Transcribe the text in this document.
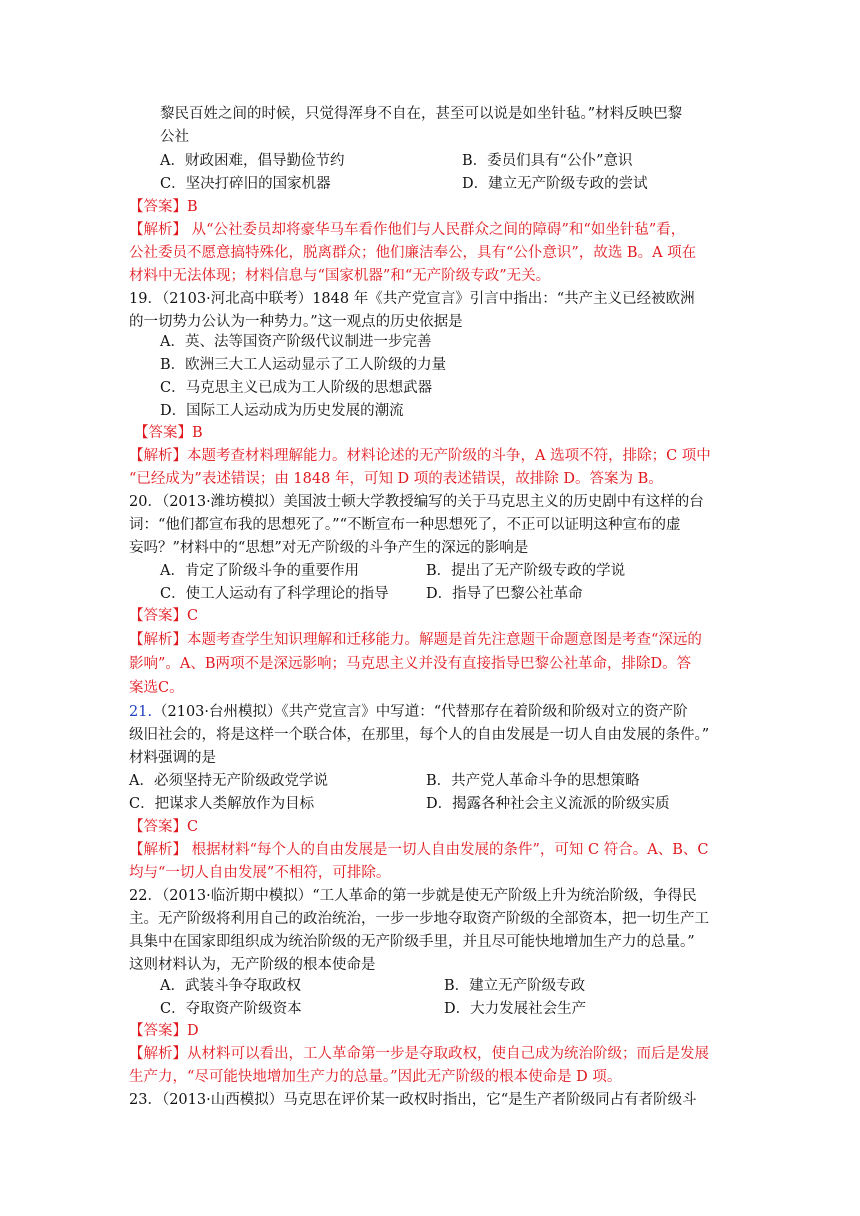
黎民百姓之间的时候，只觉得浑身不自在，甚至可以说是如坐针毡。”材料反映巴黎
公社
A．财政困难，倡导勤俭节约	B．委员们具有“公仆”意识
C．坚决打碎旧的国家机器	D．建立无产阶级专政的尝试
【答案】B
【解析】 从“公社委员却将豪华马车看作他们与人民群众之间的障碍”和“如坐针毡”看，
公社委员不愿意搞特殊化，脱离群众；他们廉洁奉公，具有“公仆意识”，故选 B。A 项在
材料中无法体现；材料信息与“国家机器”和“无产阶级专政”无关。
19．（2103·河北高中联考）1848 年《共产党宣言》引言中指出：“共产主义已经被欧洲
的一切势力公认为一种势力。”这一观点的历史依据是
A．英、法等国资产阶级代议制进一步完善
B．欧洲三大工人运动显示了工人阶级的力量
C．马克思主义已成为工人阶级的思想武器
D．国际工人运动成为历史发展的潮流
【答案】B
【解析】本题考查材料理解能力。材料论述的无产阶级的斗争，A 选项不符，排除；C 项中
“已经成为”表述错误；由 1848 年，可知 D 项的表述错误，故排除 D。答案为 B。
20．（2013·潍坊模拟）美国波士顿大学教授编写的关于马克思主义的历史剧中有这样的台
词：“他们都宣布我的思想死了。”“不断宣布一种思想死了，不正可以证明这种宣布的虚
妄吗？”材料中的“思想”对无产阶级的斗争产生的深远的影响是
A．肯定了阶级斗争的重要作用	B．提出了无产阶级专政的学说
C．使工人运动有了科学理论的指导	D．指导了巴黎公社革命
【答案】C
【解析】本题考查学生知识理解和迁移能力。解题是首先注意题干命题意图是考查“深远的
影响”。A、B两项不是深远影响；马克思主义并没有直接指导巴黎公社革命，排除D。答
案选C。
21. （2103·台州模拟）《共产党宣言》中写道：“代替那存在着阶级和阶级对立的资产阶
级旧社会的，将是这样一个联合体，在那里，每个人的自由发展是一切人自由发展的条件。”
材料强调的是
A．必须坚持无产阶级政党学说	B．共产党人革命斗争的思想策略
C．把谋求人类解放作为目标	D．揭露各种社会主义流派的阶级实质
【答案】C
【解析】 根据材料“每个人的自由发展是一切人自由发展的条件”，可知 C 符合。A、B、C
均与“一切人自由发展”不相符，可排除。
22．（2013·临沂期中模拟）“工人革命的第一步就是使无产阶级上升为统治阶级，争得民
主。无产阶级将利用自己的政治统治，一步一步地夺取资产阶级的全部资本，把一切生产工
具集中在国家即组织成为统治阶级的无产阶级手里，并且尽可能快地增加生产力的总量。”
这则材料认为，无产阶级的根本使命是
A．武装斗争夺取政权	B．建立无产阶级专政
C．夺取资产阶级资本	D．大力发展社会生产
【答案】D
【解析】从材料可以看出，工人革命第一步是夺取政权，使自己成为统治阶级；而后是发展
生产力，“尽可能快地增加生产力的总量。”因此无产阶级的根本使命是 D 项。
23．（2013·山西模拟）马克思在评价某一政权时指出，它“是生产者阶级同占有者阶级斗
